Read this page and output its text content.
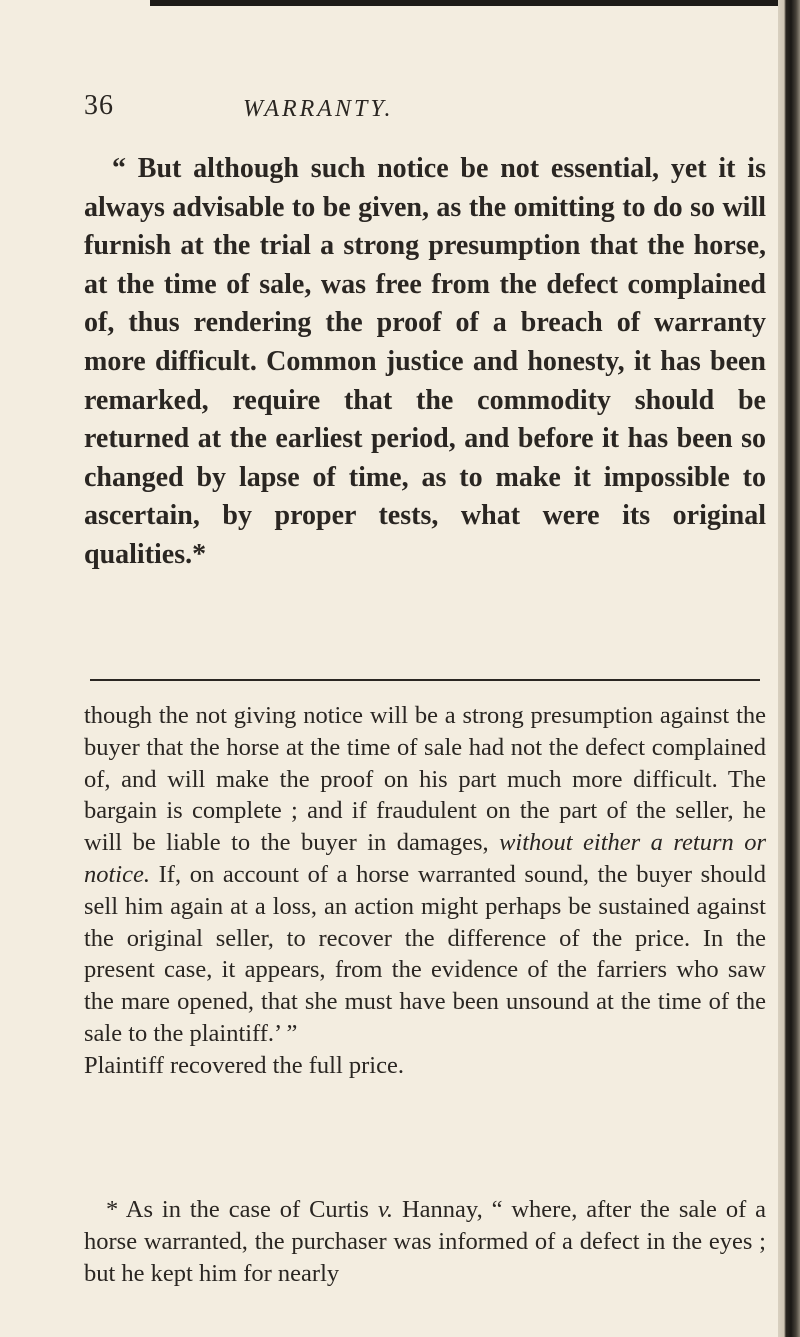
36	WARRANTY.

“ But although such notice be not essential, yet it is always advisable to be given, as the omitting to do so will furnish at the trial a strong presumption that the horse, at the time of sale, was free from the defect complained of, thus rendering the proof of a breach of warranty more difficult. Common justice and honesty, it has been remarked, require that the commodity should be returned at the earliest period, and before it has been so changed by lapse of time, as to make it impossible to ascertain, by proper tests, what were its original qualities.*

though the not giving notice will be a strong presumption against the buyer that the horse at the time of sale had not the defect complained of, and will make the proof on his part much more difficult. The bargain is complete ; and if fraudulent on the part of the seller, he will be liable to the buyer in damages, without either a return or notice. If, on account of a horse warranted sound, the buyer should sell him again at a loss, an action might perhaps be sustained against the original seller, to recover the difference of the price. In the present case, it appears, from the evidence of the farriers who saw the mare opened, that she must have been unsound at the time of the sale to the plaintiff.’ ”
Plaintiff recovered the full price.

* As in the case of Curtis v. Hannay, “ where, after the sale of a horse warranted, the purchaser was informed of a defect in the eyes ; but he kept him for nearly
